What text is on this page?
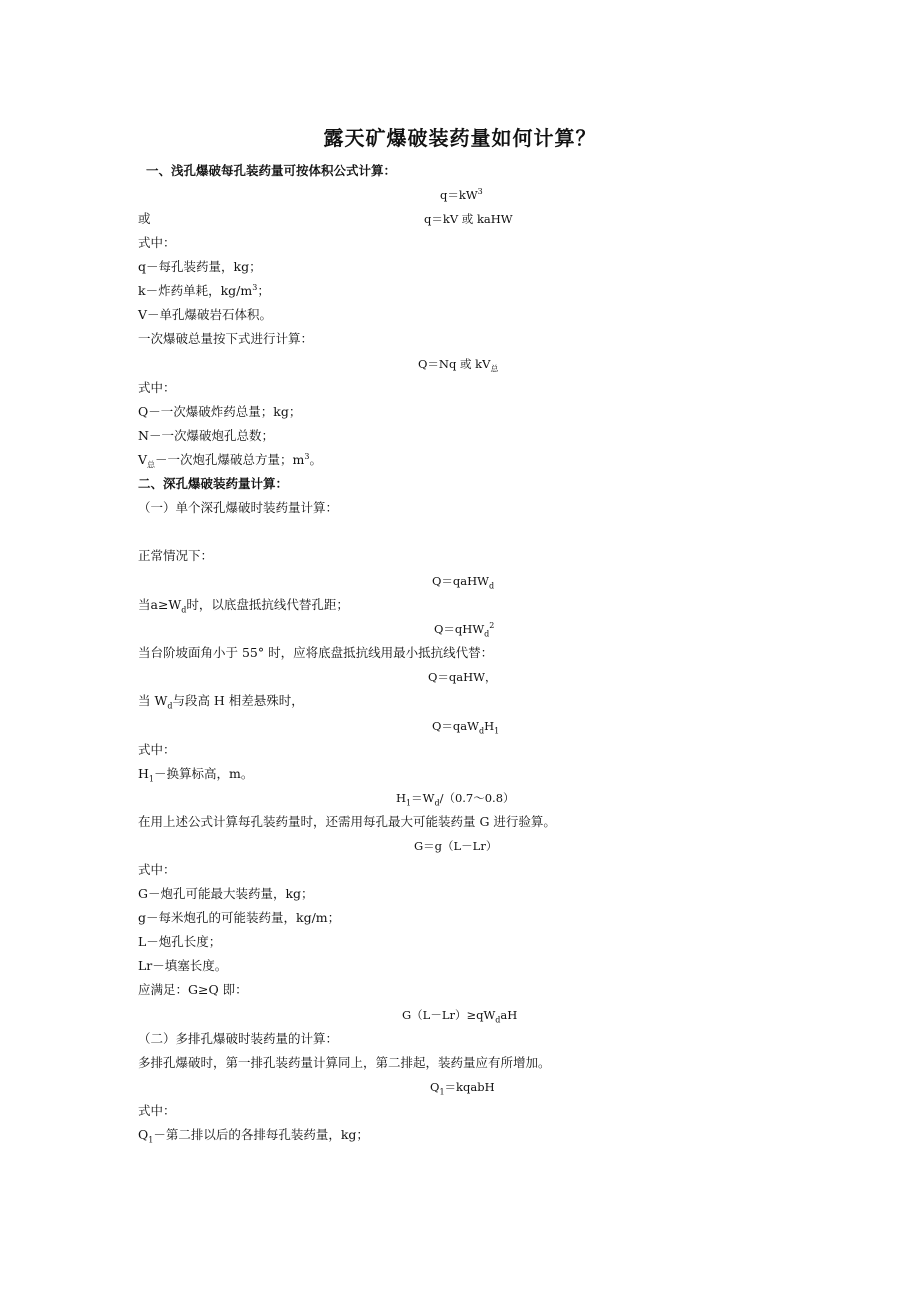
露天矿爆破装药量如何计算？
一、浅孔爆破每孔装药量可按体积公式计算：
$q=kW^3$
或	q＝kV 或 kaHW
式中：
q－每孔装药量，kg；
k－炸药单耗，$kg/m^3$；
V－单孔爆破岩石体积。
一次爆破总量按下式进行计算：
Q＝Nq 或 $kV_总$
式中：
Q－一次爆破炸药总量；kg；
N－一次爆破炮孔总数；
$V_总-$一次炮孔爆破总方量；$m^3$。
二、深孔爆破装药量计算：
（一）单个深孔爆破时装药量计算：
正常情况下：
Q＝qaHW$_d$
当$a\ge W_d$时，以底盘抵抗线代替孔距；
Q＝qHW$_d^2$
当台阶坡面角小于 55° 时，应将底盘抵抗线用最小抵抗线代替：
Q＝qaHW，
当 $W_d$与段高 H 相差悬殊时，
$Q=qaW_dH_1$
式中：
$H_1-$换算标高，m。
$H_1=W_d/(0.7\sim 0.8)$
在用上述公式计算每孔装药量时，还需用每孔最大可能装药量 G 进行验算。
G＝g（L－Lr）
式中：
G－炮孔可能最大装药量，kg；
g－每米炮孔的可能装药量，kg/m；
L－炮孔长度；
Lr－填塞长度。
应满足：G≥Q 即：
$G(L-Lr)\ge qW_daH$
（二）多排孔爆破时装药量的计算：
多排孔爆破时，第一排孔装药量计算同上，第二排起，装药量应有所增加。
$Q_1=kqabH$
式中：
$Q_1-$第二排以后的各排每孔装药量，kg；
